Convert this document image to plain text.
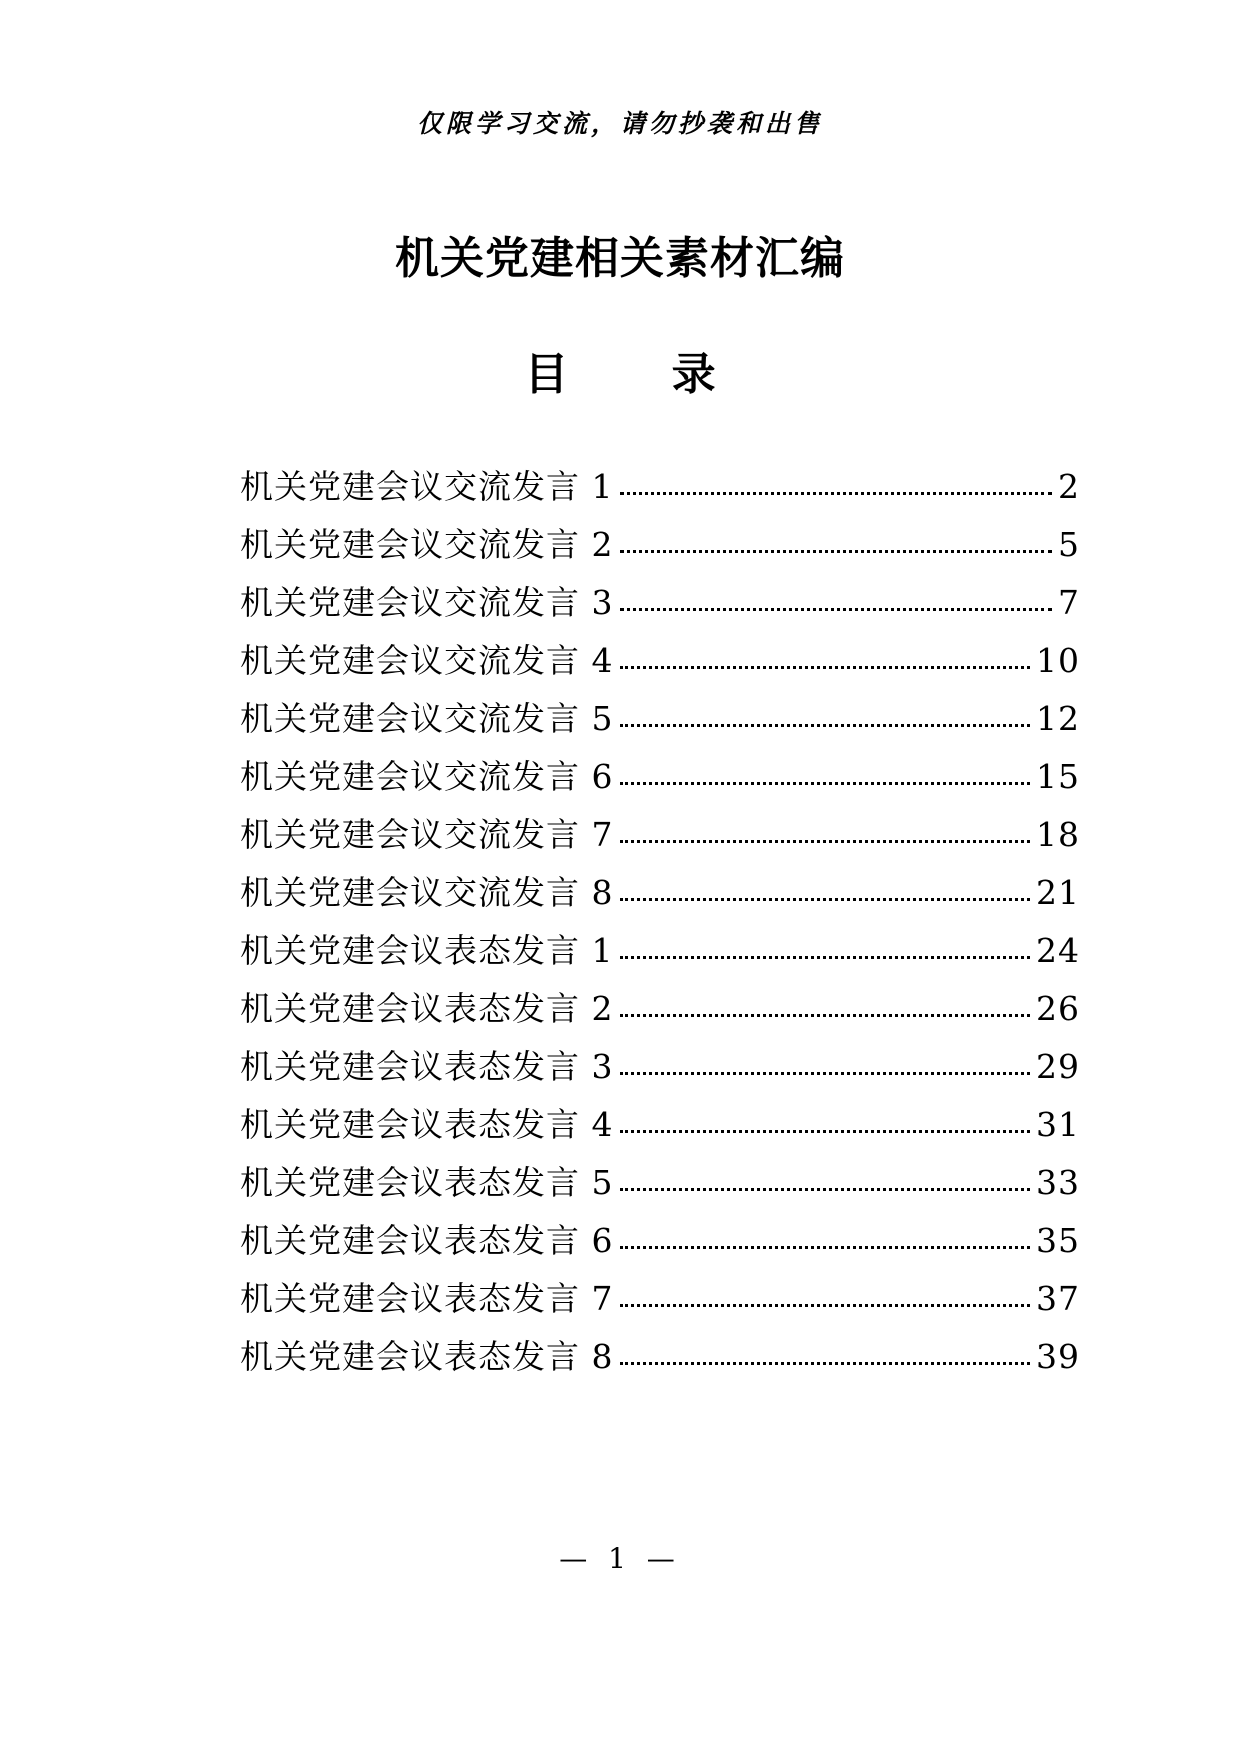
仅限学习交流，请勿抄袭和出售
机关党建相关素材汇编
目 录
机关党建会议交流发言 1	2
机关党建会议交流发言 2	5
机关党建会议交流发言 3	7
机关党建会议交流发言 4	10
机关党建会议交流发言 5	12
机关党建会议交流发言 6	15
机关党建会议交流发言 7	18
机关党建会议交流发言 8	21
机关党建会议表态发言 1	24
机关党建会议表态发言 2	26
机关党建会议表态发言 3	29
机关党建会议表态发言 4	31
机关党建会议表态发言 5	33
机关党建会议表态发言 6	35
机关党建会议表态发言 7	37
机关党建会议表态发言 8	39
— 1 —
